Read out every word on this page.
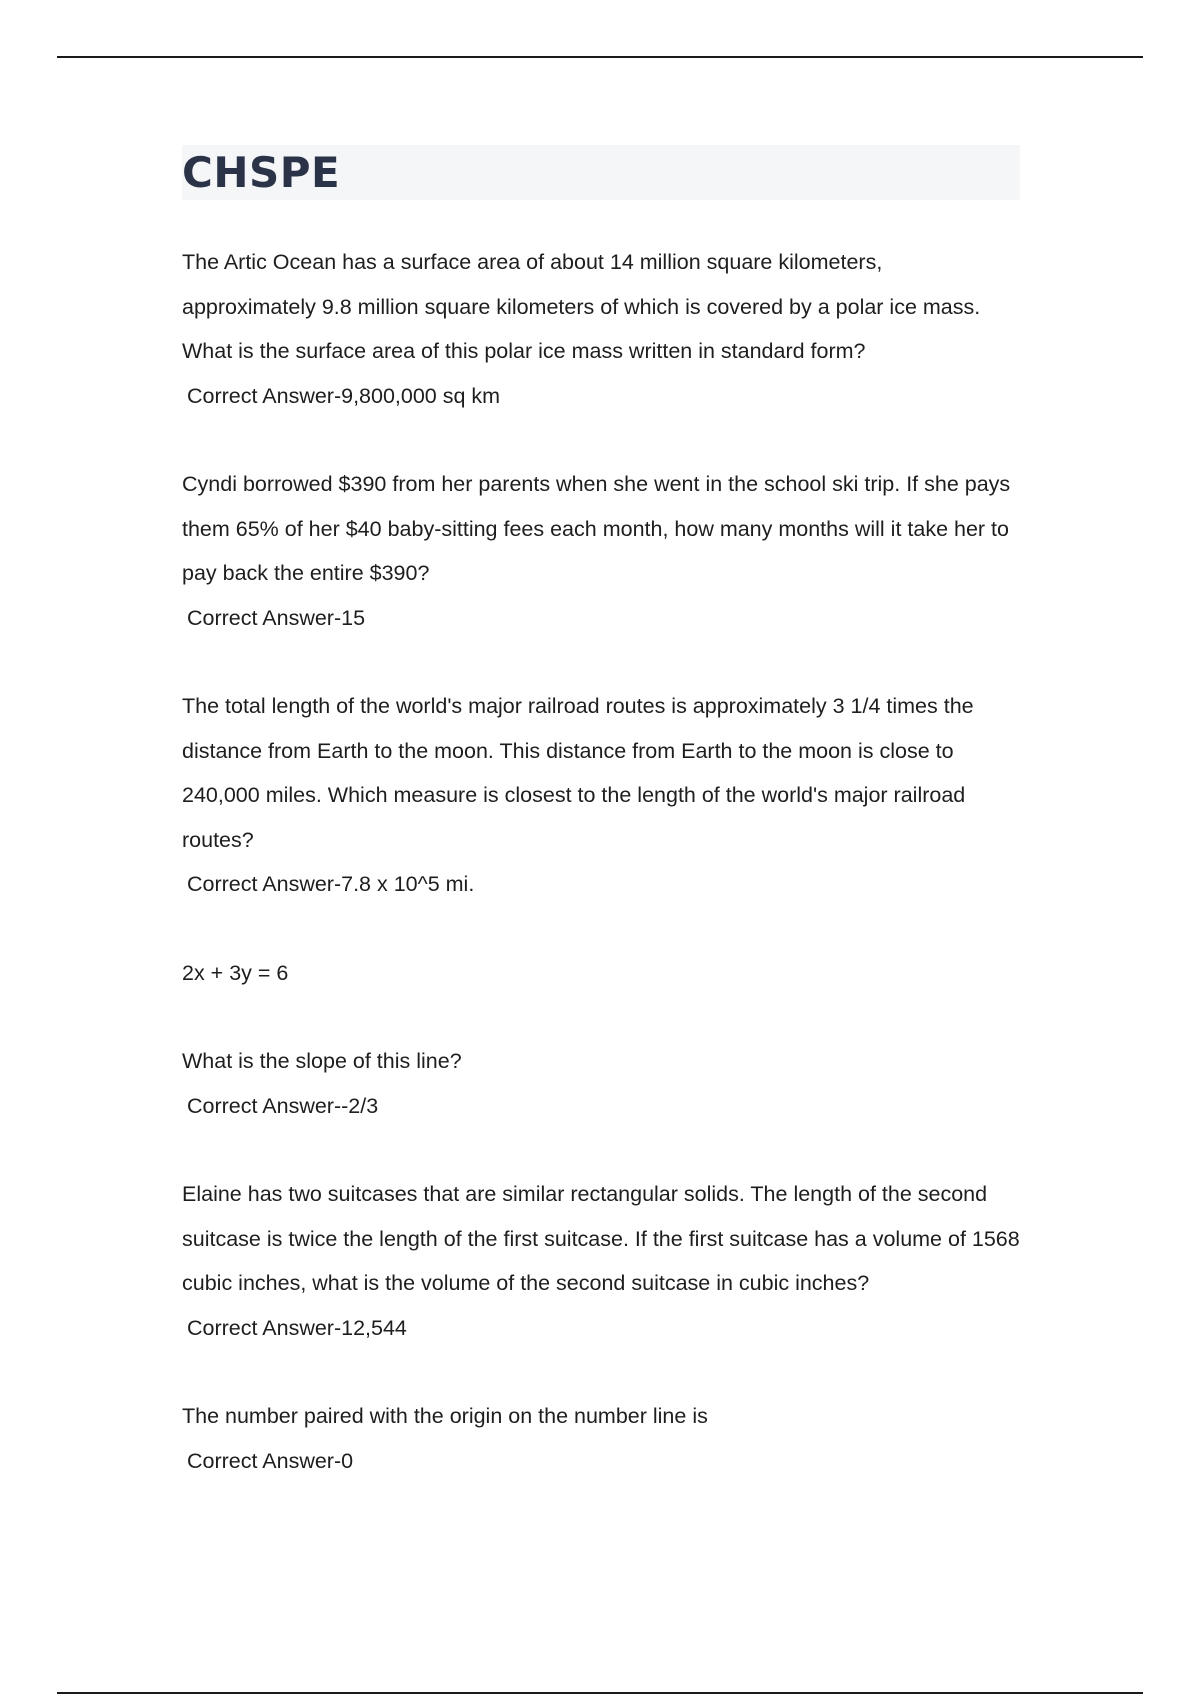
CHSPE

The Artic Ocean has a surface area of about 14 million square kilometers, approximately 9.8 million square kilometers of which is covered by a polar ice mass. What is the surface area of this polar ice mass written in standard form?

Correct Answer-9,800,000 sq km

Cyndi borrowed $390 from her parents when she went in the school ski trip. If she pays them 65% of her $40 baby-sitting fees each month, how many months will it take her to pay back the entire $390?

Correct Answer-15

The total length of the world's major railroad routes is approximately 3 1/4 times the distance from Earth to the moon. This distance from Earth to the moon is close to 240,000 miles. Which measure is closest to the length of the world's major railroad routes?

Correct Answer-7.8 x 10^5 mi.

2x + 3y = 6

What is the slope of this line?

Correct Answer--2/3

Elaine has two suitcases that are similar rectangular solids. The length of the second suitcase is twice the length of the first suitcase. If the first suitcase has a volume of 1568 cubic inches, what is the volume of the second suitcase in cubic inches?

Correct Answer-12,544

The number paired with the origin on the number line is

Correct Answer-0
